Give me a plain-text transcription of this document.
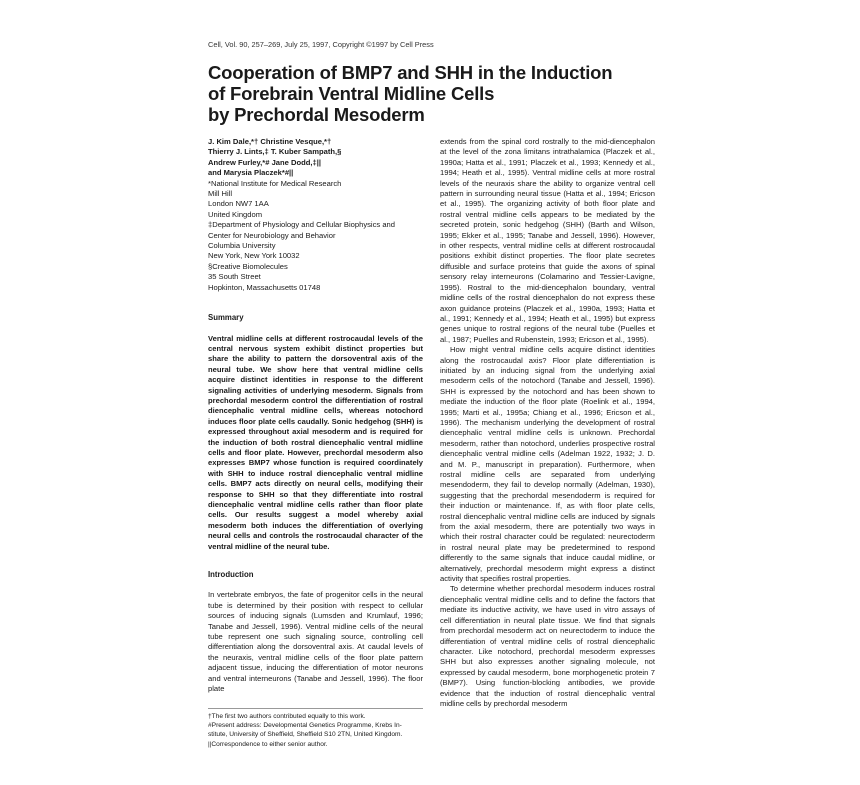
Cell, Vol. 90, 257–269, July 25, 1997, Copyright ©1997 by Cell Press
Cooperation of BMP7 and SHH in the Induction
of Forebrain Ventral Midline Cells
by Prechordal Mesoderm
J. Kim Dale,*† Christine Vesque,*†
Thierry J. Lints,‡ T. Kuber Sampath,§
Andrew Furley,*# Jane Dodd,‡||
and Marysia Placzek*#||
*National Institute for Medical Research
Mill Hill
London NW7 1AA
United Kingdom
‡Department of Physiology and Cellular Biophysics and
Center for Neurobiology and Behavior
Columbia University
New York, New York 10032
§Creative Biomolecules
35 South Street
Hopkinton, Massachusetts 01748
Summary
Ventral midline cells at different rostrocaudal levels of the central nervous system exhibit distinct properties but share the ability to pattern the dorsoventral axis of the neural tube. We show here that ventral midline cells acquire distinct identities in response to the different signaling activities of underlying mesoderm. Signals from prechordal mesoderm control the differentiation of rostral diencephalic ventral midline cells, whereas notochord induces floor plate cells caudally. Sonic hedgehog (SHH) is expressed throughout axial mesoderm and is required for the induction of both rostral diencephalic ventral midline cells and floor plate. However, prechordal mesoderm also expresses BMP7 whose function is required coordinately with SHH to induce rostral diencephalic ventral midline cells. BMP7 acts directly on neural cells, modifying their response to SHH so that they differentiate into rostral diencephalic ventral midline cells rather than floor plate cells. Our results suggest a model whereby axial mesoderm both induces the differentiation of overlying neural cells and controls the rostrocaudal character of the ventral midline of the neural tube.
Introduction
In vertebrate embryos, the fate of progenitor cells in the neural tube is determined by their position with respect to cellular sources of inducing signals (Lumsden and Krumlauf, 1996; Tanabe and Jessell, 1996). Ventral midline cells of the neural tube represent one such signaling source, controlling cell differentiation along the dorsoventral axis. At caudal levels of the neuraxis, ventral midline cells of the floor plate pattern adjacent tissue, inducing the differentiation of motor neurons and ventral interneurons (Tanabe and Jessell, 1996). The floor plate
†The first two authors contributed equally to this work.
#Present address: Developmental Genetics Programme, Krebs In-
stitute, University of Sheffield, Sheffield S10 2TN, United Kingdom.
||Correspondence to either senior author.

extends from the spinal cord rostrally to the mid-diencephalon at the level of the zona limitans intrathalamica (Placzek et al., 1990a; Hatta et al., 1991; Placzek et al., 1993; Kennedy et al., 1994; Heath et al., 1995). Ventral midline cells at more rostral levels of the neuraxis share the ability to organize ventral cell pattern in surrounding neural tissue (Hatta et al., 1994; Ericson et al., 1995). The organizing activity of both floor plate and rostral ventral midline cells appears to be mediated by the secreted protein, sonic hedgehog (SHH) (Barth and Wilson, 1995; Ekker et al., 1995; Tanabe and Jessell, 1996). However, in other respects, ventral midline cells at different rostrocaudal positions exhibit distinct properties. The floor plate secretes diffusible and surface proteins that guide the axons of spinal sensory relay interneurons (Colamarino and Tessier-Lavigne, 1995). Rostral to the mid-diencephalon boundary, ventral midline cells of the rostral diencephalon do not express these axon guidance proteins (Placzek et al., 1990a, 1993; Hatta et al., 1991; Kennedy et al., 1994; Heath et al., 1995) but express genes unique to rostral regions of the neural tube (Puelles et al., 1987; Puelles and Rubenstein, 1993; Ericson et al., 1995).

How might ventral midline cells acquire distinct identities along the rostrocaudal axis? Floor plate differentiation is initiated by an inducing signal from the underlying axial mesoderm cells of the notochord (Tanabe and Jessell, 1996). SHH is expressed by the notochord and has been shown to mediate the induction of the floor plate (Roelink et al., 1994, 1995; Marti et al., 1995a; Chiang et al., 1996; Ericson et al., 1996). The mechanism underlying the development of rostral diencephalic ventral midline cells is unknown. Prechordal mesoderm, rather than notochord, underlies prospective rostral diencephalic ventral midline cells (Adelman 1922, 1932; J. D. and M. P., manuscript in preparation). Furthermore, when rostral midline cells are separated from underlying mesendoderm, they fail to develop normally (Adelman, 1930), suggesting that the prechordal mesendoderm is required for their induction or maintenance. If, as with floor plate cells, rostral diencephalic ventral midline cells are induced by signals from the axial mesoderm, there are potentially two ways in which their rostral character could be regulated: neurectoderm in rostral neural plate may be predetermined to respond differently to the same signals that induce caudal midline, or alternatively, prechordal mesoderm might express a distinct activity that specifies rostral properties.

To determine whether prechordal mesoderm induces rostral diencephalic ventral midline cells and to define the factors that mediate its inductive activity, we have used in vitro assays of cell differentiation in neural plate tissue. We find that signals from prechordal mesoderm act on neurectoderm to induce the differentiation of ventral midline cells of rostral diencephalic character. Like notochord, prechordal mesoderm expresses SHH but also expresses another signaling molecule, not expressed by caudal mesoderm, bone morphogenetic protein 7 (BMP7). Using function-blocking antibodies, we provide evidence that the induction of rostral diencephalic ventral midline cells by prechordal mesoderm
